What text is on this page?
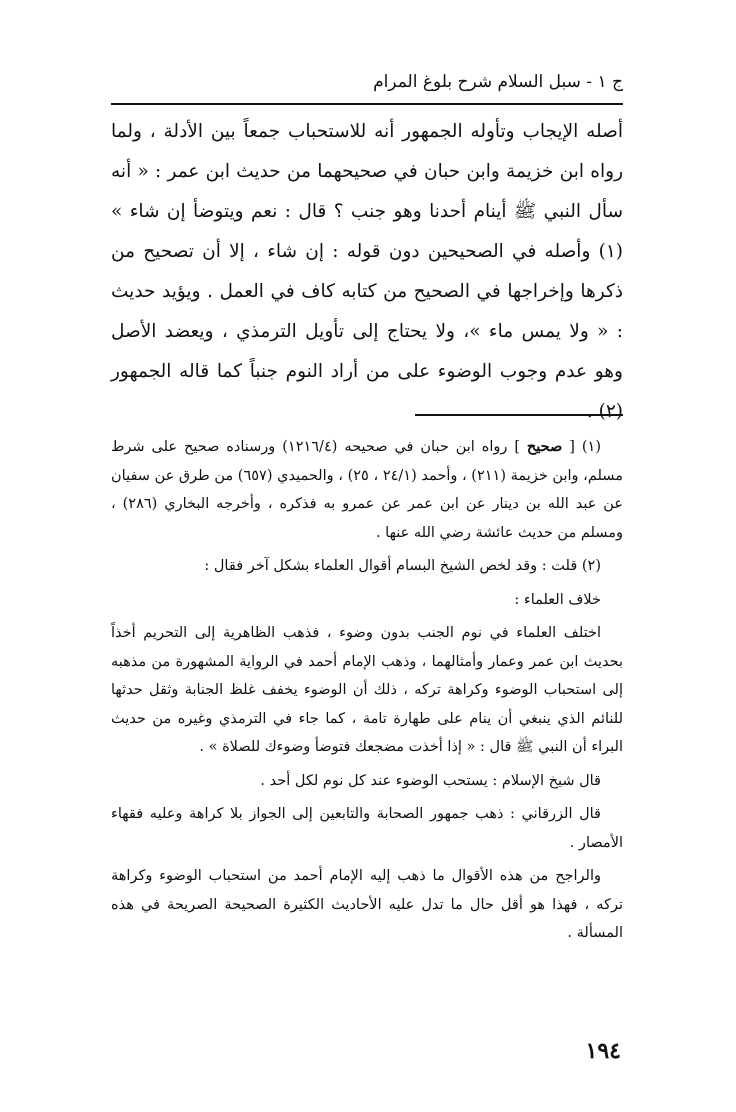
ج ١ - سبل السلام شرح بلوغ المرام

أصله الإيجاب وتأوله الجمهور أنه للاستحباب جمعاً بين الأدلة ، ولما رواه ابن خزيمة وابن حبان في صحيحهما من حديث ابن عمر : « أنه سأل النبي ﷺ أينام أحدنا وهو جنب ؟ قال : نعم ويتوضأ إن شاء » (١) وأصله في الصحيحين دون قوله : إن شاء ، إلا أن تصحيح من ذكرها وإخراجها في الصحيح من كتابه كاف في العمل . ويؤيد حديث : « ولا يمس ماء »، ولا يحتاج إلى تأويل الترمذي ، ويعضد الأصل وهو عدم وجوب الوضوء على من أراد النوم جنباً كما قاله الجمهور (٢) .

(١) [ صحيح ] رواه ابن حبان في صحيحه (١٢١٦/٤) ورسناده صحيح على شرط مسلم، وابن خزيمة (٢١١) ، وأحمد (٢٤/١ ، ٢٥) ، والحميدي (٦٥٧) من طرق عن سفيان عن عبد الله بن دينار عن ابن عمر عن عمرو به فذكره ، وأخرجه البخاري (٢٨٦) ، ومسلم من حديث عائشة رضي الله عنها .

(٢) قلت : وقد لخص الشيخ البسام أقوال العلماء بشكل آخر فقال :

خلاف العلماء :

اختلف العلماء في نوم الجنب بدون وضوء ، فذهب الظاهرية إلى التحريم أخذاً بحديث ابن عمر وعمار وأمثالهما ، وذهب الإمام أحمد في الرواية المشهورة من مذهبه إلى استحباب الوضوء وكراهة تركه ، ذلك أن الوضوء يخفف غلظ الجنابة وثقل حدثها للنائم الذي ينبغي أن ينام على طهارة تامة ، كما جاء في الترمذي وغيره من حديث البراء أن النبي ﷺ قال : « إذا أخذت مضجعك فتوضأ وضوءك للصلاة » .

قال شيخ الإسلام : يستحب الوضوء عند كل نوم لكل أحد .

قال الزرقاني : ذهب جمهور الصحابة والتابعين إلى الجواز بلا كراهة وعليه فقهاء الأمصار .

والراجح من هذه الأقوال ما ذهب إليه الإمام أحمد من استحباب الوضوء وكراهة تركه ، فهذا هو أقل حال ما تدل عليه الأحاديث الكثيرة الصحيحة الصريحة في هذه المسألة .

١٩٤
